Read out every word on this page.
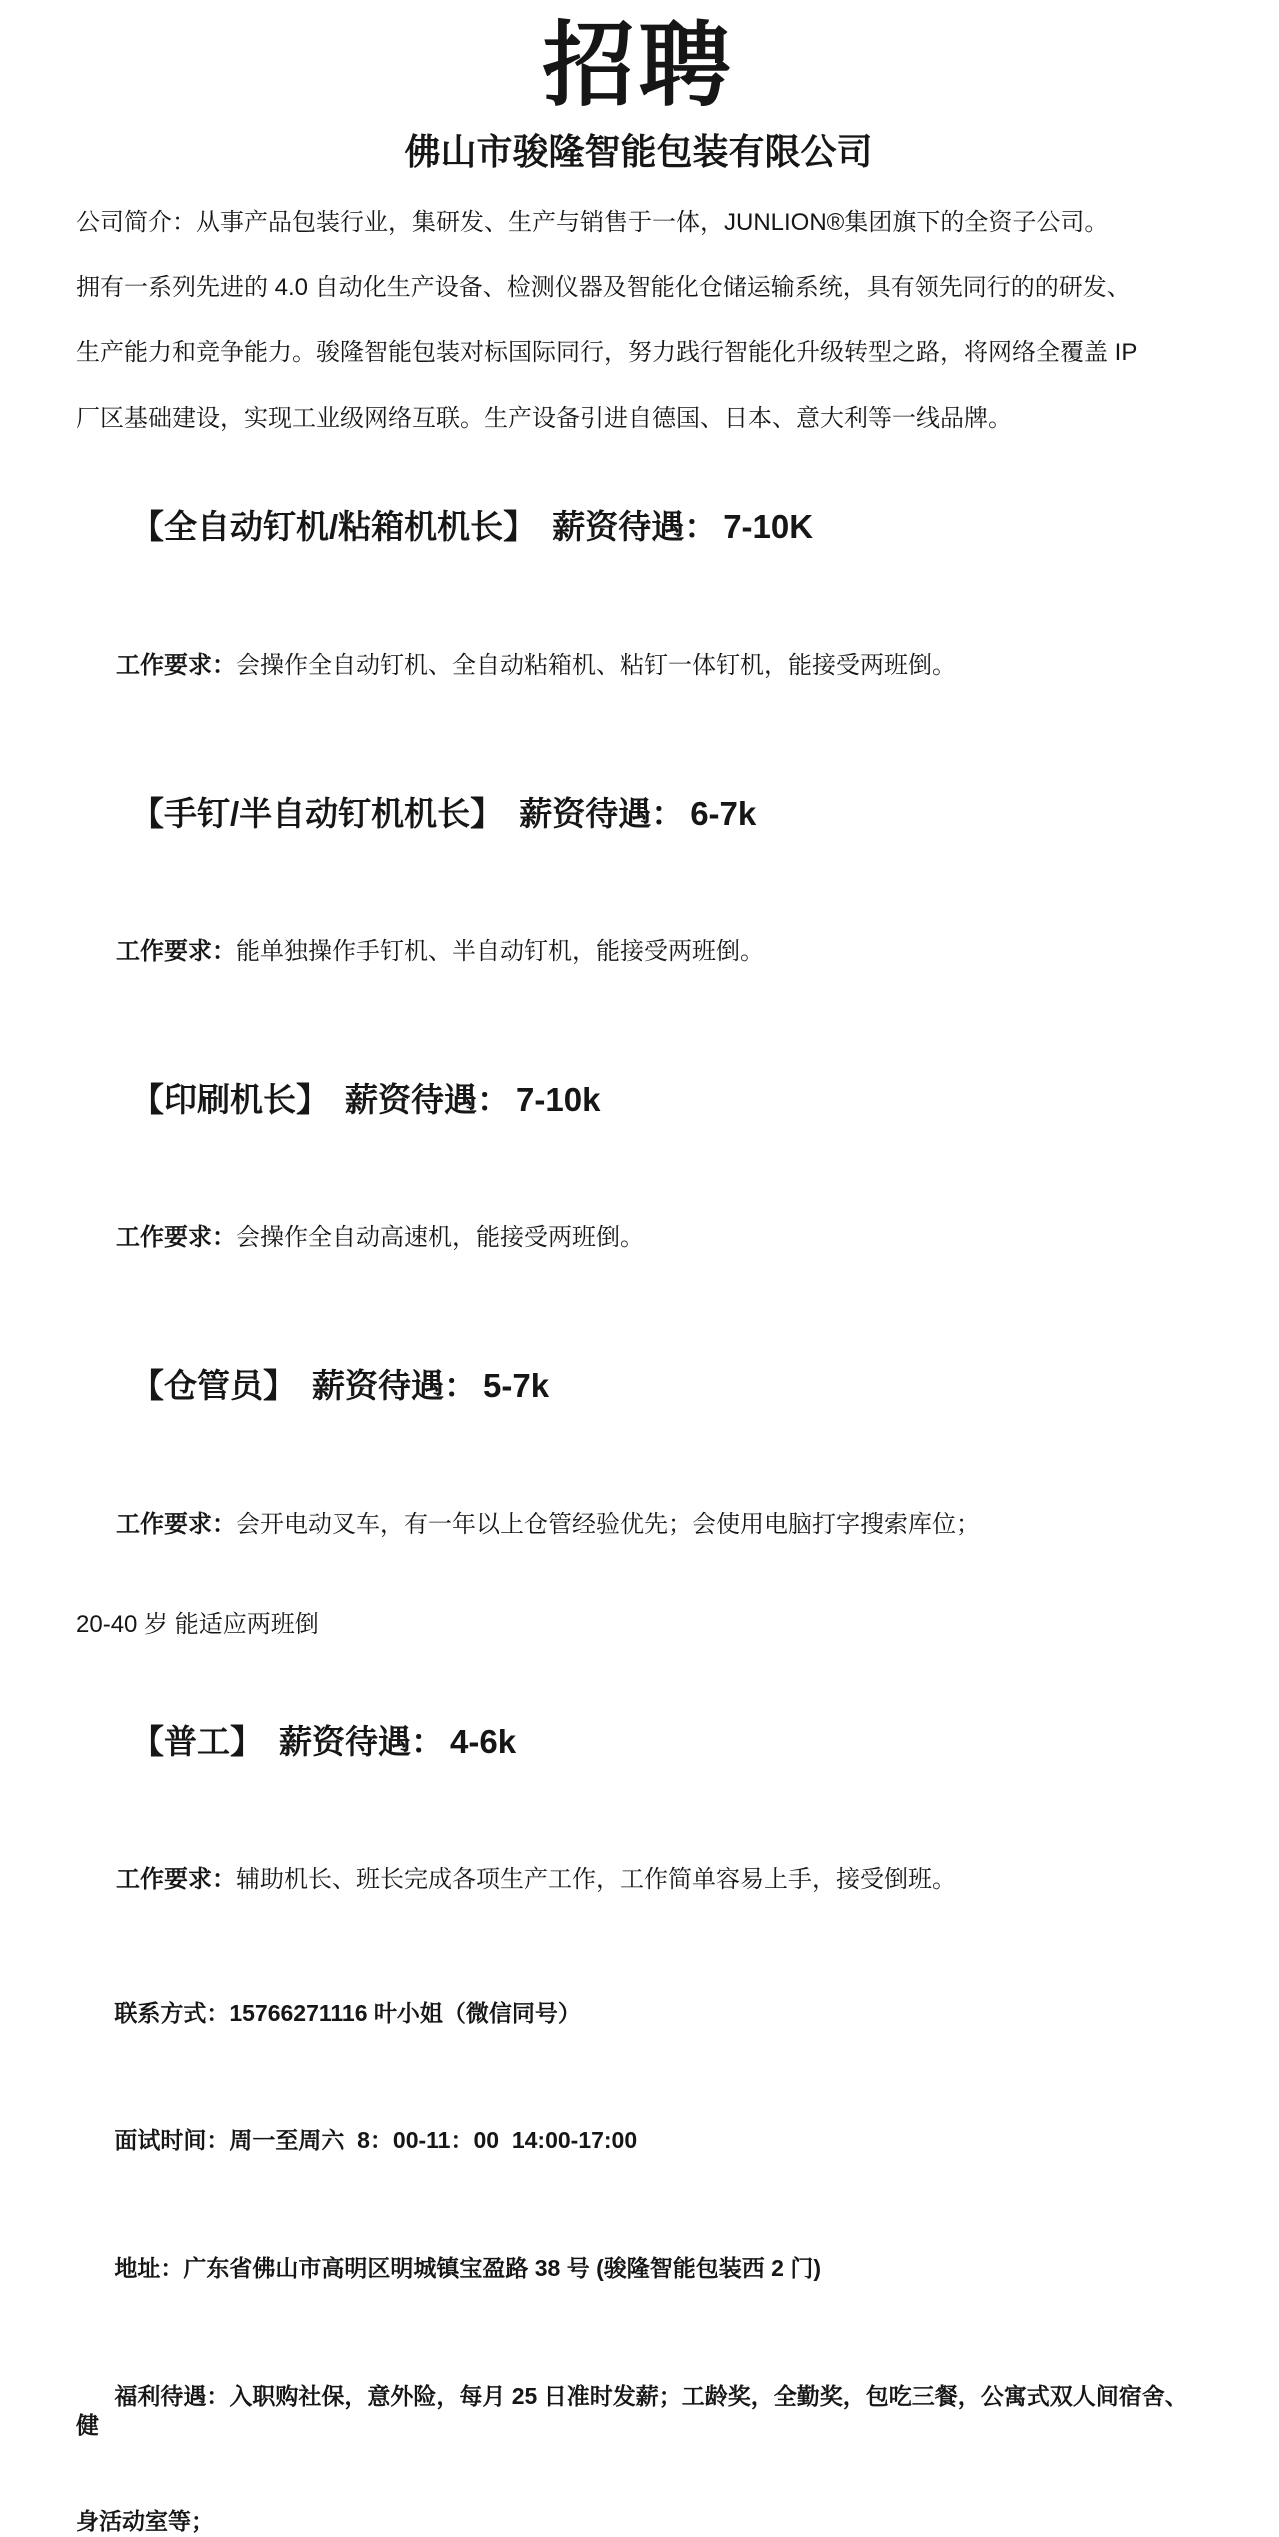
招聘
佛山市骏隆智能包装有限公司

公司简介：从事产品包装行业，集研发、生产与销售于一体，JUNLION®集团旗下的全资子公司。

拥有一系列先进的 4.0 自动化生产设备、检测仪器及智能化仓储运输系统，具有领先同行的的研发、

生产能力和竞争能力。骏隆智能包装对标国际同行，努力践行智能化升级转型之路，将网络全覆盖 IP

厂区基础建设，实现工业级网络互联。生产设备引进自德国、日本、意大利等一线品牌。

【全自动钉机/粘箱机机长】 薪资待遇： 7-10K

工作要求：会操作全自动钉机、全自动粘箱机、粘钉一体钉机，能接受两班倒。

【手钉/半自动钉机机长】 薪资待遇： 6-7k

工作要求：能单独操作手钉机、半自动钉机，能接受两班倒。

【印刷机长】 薪资待遇： 7-10k

工作要求：会操作全自动高速机，能接受两班倒。

【仓管员】 薪资待遇： 5-7k

工作要求：会开电动叉车，有一年以上仓管经验优先；会使用电脑打字搜索库位；

20-40 岁 能适应两班倒

【普工】 薪资待遇： 4-6k

工作要求：辅助机长、班长完成各项生产工作，工作简单容易上手，接受倒班。

联系方式：15766271116 叶小姐（微信同号）

面试时间：周一至周六  8：00-11：00  14:00-17:00

地址：广东省佛山市高明区明城镇宝盈路 38 号 (骏隆智能包装西 2 门)

福利待遇：入职购社保，意外险，每月 25 日准时发薪；工龄奖，全勤奖，包吃三餐，公寓式双人间宿舍、健

身活动室等；
